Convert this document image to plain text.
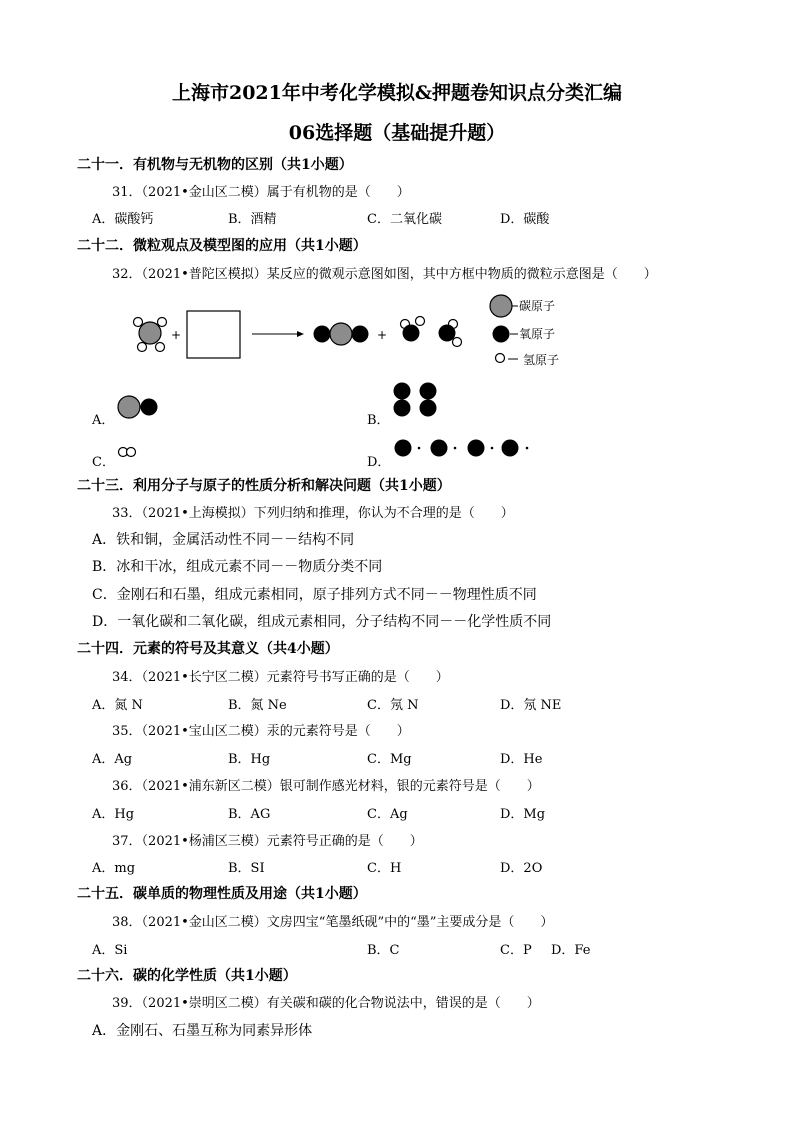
上海市2021年中考化学模拟&押题卷知识点分类汇编
06选择题（基础提升题）
二十一．有机物与无机物的区别（共1小题）
31．（2021•金山区二模）属于有机物的是（　　）
A．碳酸钙	B．酒精	C．二氧化碳	D．碳酸
二十二．微粒观点及模型图的应用（共1小题）
32．（2021•普陀区模拟）某反应的微观示意图如图，其中方框中物质的微粒示意图是（　　）
+	+
碳原子
氧原子
氢原子
A．	B．
C．	D．
二十三．利用分子与原子的性质分析和解决问题（共1小题）
33．（2021•上海模拟）下列归纳和推理，你认为不合理的是（　　）
A．铁和铜，金属活动性不同－－结构不同
B．冰和干冰，组成元素不同－－物质分类不同
C．金刚石和石墨，组成元素相同，原子排列方式不同－－物理性质不同
D．一氧化碳和二氧化碳，组成元素相同，分子结构不同－－化学性质不同
二十四．元素的符号及其意义（共4小题）
34．（2021•长宁区二模）元素符号书写正确的是（　　）
A．氮 N	B．氮 Ne	C．氖 N	D．氖 NE
35．（2021•宝山区二模）汞的元素符号是（　　）
A．Ag	B．Hg	C．Mg	D．He
36．（2021•浦东新区二模）银可制作感光材料，银的元素符号是（　　）
A．Hg	B．AG	C．Ag	D．Mg
37．（2021•杨浦区三模）元素符号正确的是（　　）
A．mg	B．SI	C．H	D．2O
二十五．碳单质的物理性质及用途（共1小题）
38．（2021•金山区二模）文房四宝“笔墨纸砚”中的“墨”主要成分是（　　）
A．Si	B．C	C．P D．Fe
二十六．碳的化学性质（共1小题）
39．（2021•崇明区二模）有关碳和碳的化合物说法中，错误的是（　　）
A．金刚石、石墨互称为同素异形体
